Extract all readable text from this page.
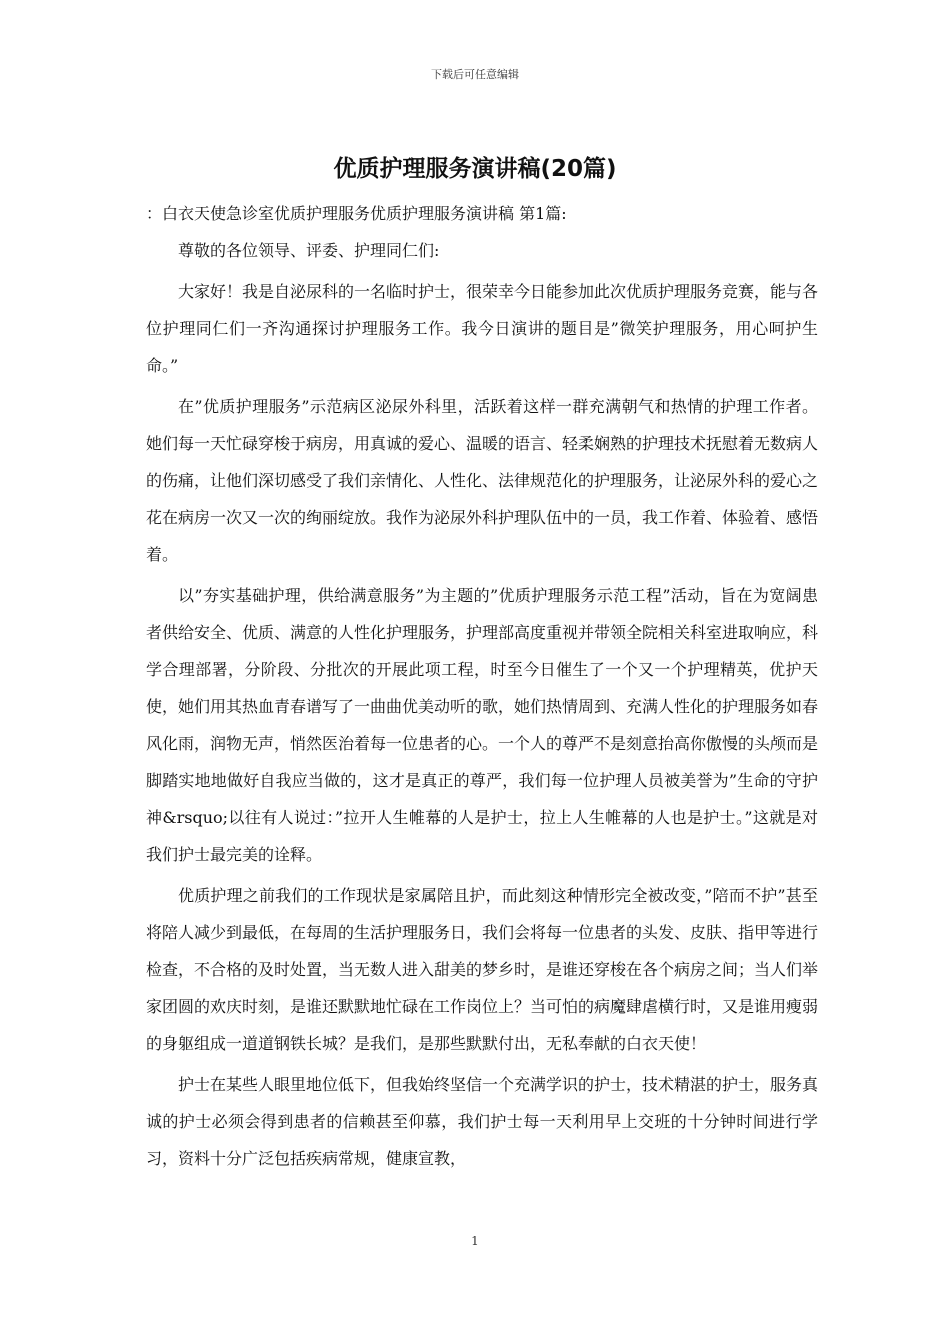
下载后可任意编辑
优质护理服务演讲稿(20篇)
：白衣天使急诊室优质护理服务优质护理服务演讲稿 第1篇:

尊敬的各位领导、评委、护理同仁们:

大家好！我是自泌尿科的一名临时护士，很荣幸今日能参加此次优质护理服务竞赛，能与各位护理同仁们一齐沟通探讨护理服务工作。我今日演讲的题目是”微笑护理服务，用心呵护生命。”

在”优质护理服务”示范病区泌尿外科里，活跃着这样一群充满朝气和热情的护理工作者。她们每一天忙碌穿梭于病房，用真诚的爱心、温暖的语言、轻柔娴熟的护理技术抚慰着无数病人的伤痛，让他们深切感受了我们亲情化、人性化、法律规范化的护理服务，让泌尿外科的爱心之花在病房一次又一次的绚丽绽放。我作为泌尿外科护理队伍中的一员，我工作着、体验着、感悟着。

以”夯实基础护理，供给满意服务”为主题的”优质护理服务示范工程”活动，旨在为宽阔患者供给安全、优质、满意的人性化护理服务，护理部高度重视并带领全院相关科室进取响应，科学合理部署，分阶段、分批次的开展此项工程，时至今日催生了一个又一个护理精英，优护天使，她们用其热血青春谱写了一曲曲优美动听的歌，她们热情周到、充满人性化的护理服务如春风化雨，润物无声，悄然医治着每一位患者的心。一个人的尊严不是刻意抬高你傲慢的头颅而是脚踏实地地做好自我应当做的，这才是真正的尊严，我们每一位护理人员被美誉为”生命的守护神&rsquo;以往有人说过：”拉开人生帷幕的人是护士，拉上人生帷幕的人也是护士。”这就是对我们护士最完美的诠释。

优质护理之前我们的工作现状是家属陪且护，而此刻这种情形完全被改变，”陪而不护”甚至将陪人减少到最低，在每周的生活护理服务日，我们会将每一位患者的头发、皮肤、指甲等进行检查，不合格的及时处置，当无数人进入甜美的梦乡时，是谁还穿梭在各个病房之间；当人们举家团圆的欢庆时刻，是谁还默默地忙碌在工作岗位上？当可怕的病魔肆虐横行时，又是谁用瘦弱的身躯组成一道道钢铁长城？是我们，是那些默默付出，无私奉献的白衣天使！

护士在某些人眼里地位低下，但我始终坚信一个充满学识的护士，技术精湛的护士，服务真诚的护士必须会得到患者的信赖甚至仰慕，我们护士每一天利用早上交班的十分钟时间进行学习，资料十分广泛包括疾病常规，健康宣教，

1
